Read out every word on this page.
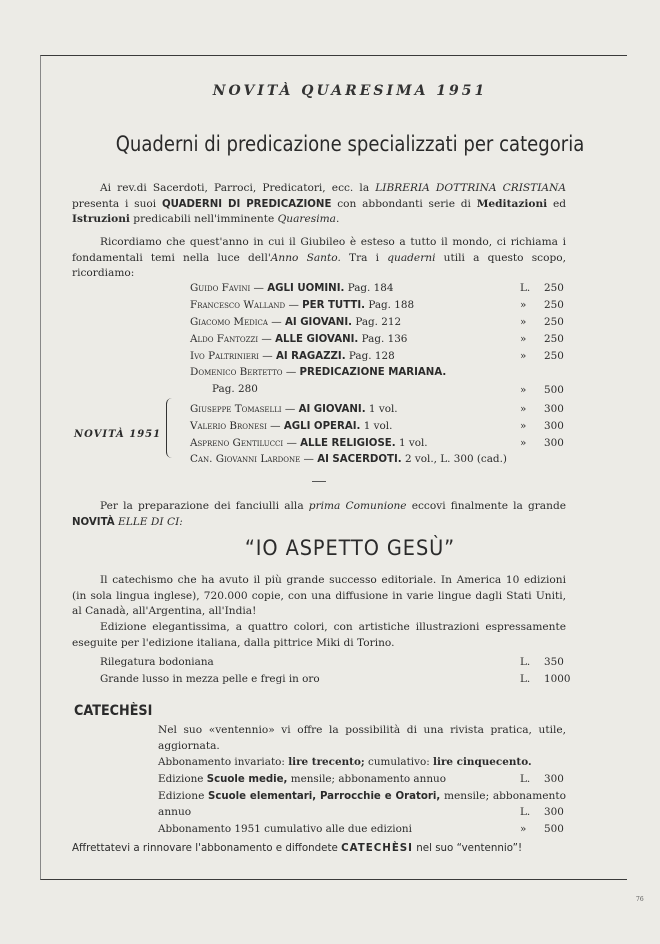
NOVITÀ QUARESIMA 1951
Quaderni di predicazione specializzati per categoria

Ai rev.di Sacerdoti, Parroci, Predicatori, ecc. la LIBRERIA DOTTRINA CRISTIANA presenta i suoi QUADERNI DI PREDICAZIONE con abbondanti serie di Meditazioni ed Istruzioni predicabili nell'imminente Quaresima.

Ricordiamo che quest'anno in cui il Giubileo è esteso a tutto il mondo, ci richiama i fondamentali temi nella luce dell'Anno Santo. Tra i quaderni utili a questo scopo, ricordiamo:

Guido Favini — AGLI UOMINI. Pag. 184	L. 250
Francesco Walland — PER TUTTI. Pag. 188	» 250
Giacomo Medica — AI GIOVANI. Pag. 212	» 250
Aldo Fantozzi — ALLE GIOVANI. Pag. 136	» 250
Ivo Paltrinieri — AI RAGAZZI. Pag. 128	» 250
Domenico Bertetto — PREDICAZIONE MARIANA.
Pag. 280	» 500
NOVITÀ 1951
Giuseppe Tomaselli — AI GIOVANI. 1 vol.	» 300
Valerio Bronesi — AGLI OPERAI. 1 vol.	» 300
Aspreno Gentilucci — ALLE RELIGIOSE. 1 vol.	» 300
Can. Giovanni Lardone — AI SACERDOTI. 2 vol., L. 300 (cad.)

Per la preparazione dei fanciulli alla prima Comunione eccovi finalmente la grande NOVITÀ ELLE DI CI:

“IO ASPETTO GESÙ”

Il catechismo che ha avuto il più grande successo editoriale. In America 10 edizioni (in sola lingua inglese), 720.000 copie, con una diffusione in varie lingue dagli Stati Uniti, al Canadà, all'Argentina, all'India!

Edizione elegantissima, a quattro colori, con artistiche illustrazioni espressamente eseguite per l'edizione italiana, dalla pittrice Miki di Torino.

Rilegatura bodoniana	L. 350
Grande lusso in mezza pelle e fregi in oro	L. 1000
CATECHÈSI

Nel suo «ventennio» vi offre la possibilità di una rivista pratica, utile, aggiornata.

Abbonamento invariato: lire trecento; cumulativo: lire cinquecento.
Edizione Scuole medie, mensile; abbonamento annuo	L. 300

Edizione Scuole elementari, Parrocchie e Oratori, mensile; abbonamento annuo	L. 300
Abbonamento 1951 cumulativo alle due edizioni	» 500
Affrettatevi a rinnovare l'abbonamento e diffondete CATECHÈSI nel suo “ventennio”!
76
